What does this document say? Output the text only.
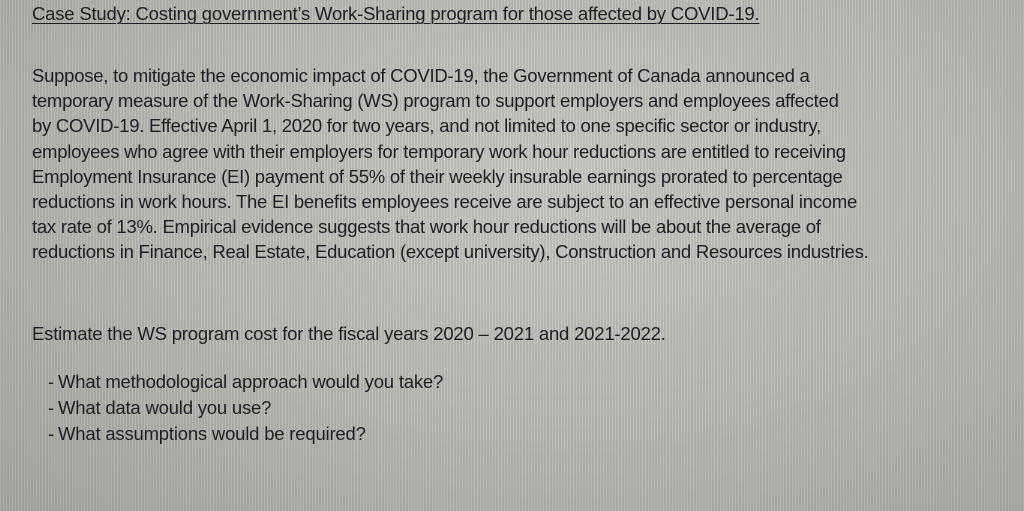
Case Study: Costing government’s Work-Sharing program for those affected by COVID-19.

Suppose, to mitigate the economic impact of COVID-19, the Government of Canada announced a
temporary measure of the Work-Sharing (WS) program to support employers and employees affected
by COVID-19. Effective April 1, 2020 for two years, and not limited to one specific sector or industry,
employees who agree with their employers for temporary work hour reductions are entitled to receiving
Employment Insurance (EI) payment of 55% of their weekly insurable earnings prorated to percentage
reductions in work hours. The EI benefits employees receive are subject to an effective personal income
tax rate of 13%. Empirical evidence suggests that work hour reductions will be about the average of
reductions in Finance, Real Estate, Education (except university), Construction and Resources industries.

Estimate the WS program cost for the fiscal years 2020 – 2021 and 2021-2022.

- What methodological approach would you take?
- What data would you use?
- What assumptions would be required?
